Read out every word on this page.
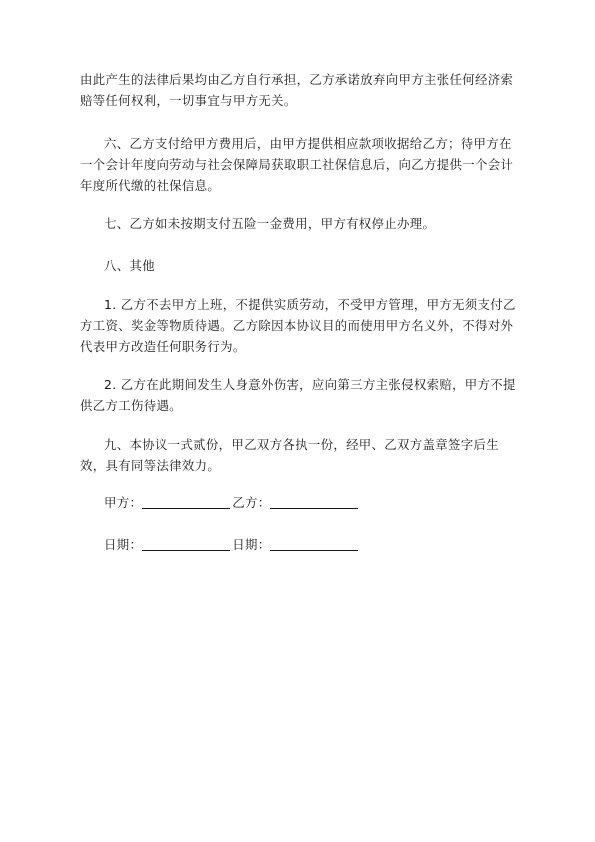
由此产生的法律后果均由乙方自行承担，乙方承诺放弃向甲方主张任何经济索赔等任何权利，一切事宜与甲方无关。

六、乙方支付给甲方费用后，由甲方提供相应款项收据给乙方；待甲方在一个会计年度向劳动与社会保障局获取职工社保信息后，向乙方提供一个会计年度所代缴的社保信息。

七、乙方如未按期支付五险一金费用，甲方有权停止办理。

八、其他

1. 乙方不去甲方上班，不提供实质劳动，不受甲方管理，甲方无须支付乙方工资、奖金等物质待遇。乙方除因本协议目的而使用甲方名义外，不得对外代表甲方改造任何职务行为。

2. 乙方在此期间发生人身意外伤害，应向第三方主张侵权索赔，甲方不提供乙方工伤待遇。

九、本协议一式贰份，甲乙双方各执一份，经甲、乙双方盖章签字后生效，具有同等法律效力。

甲方：	乙方：
日期：	日期：
